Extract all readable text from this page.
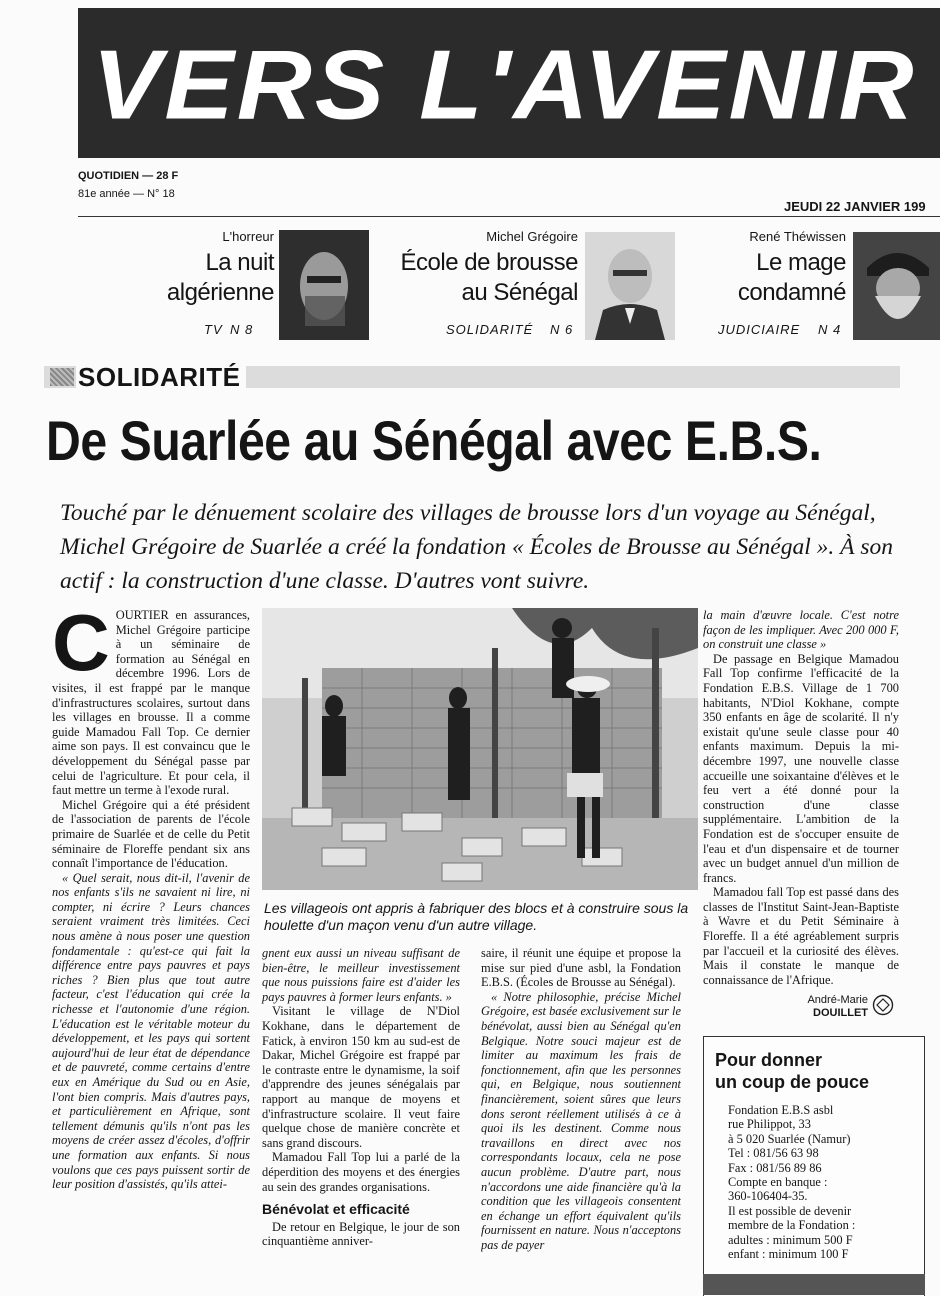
VERS L'AVENIR
QUOTIDIEN — 28 F
81e année — N° 18
JEUDI 22 JANVIER 199
L'horreur
La nuit
algérienne
TV N 8
Michel Grégoire
École de brousse
au Sénégal
SOLIDARITÉ N 6
René Théwissen
Le mage
condamné
JUDICIAIRE N 4
SOLIDARITÉ
De Suarlée au Sénégal avec E.B.S.
Touché par le dénuement scolaire des villages de brousse lors d'un voyage au Sénégal, Michel Grégoire de Suarlée a créé la fondation « Écoles de Brousse au Sénégal ». À son actif : la construction d'une classe. D'autres vont suivre.
C OURTIER en assurances, Michel Grégoire participe à un séminaire de formation au Sénégal en décembre 1996. Lors de visites, il est frappé par le manque d'infrastructures scolaires, surtout dans les villages en brousse. Il a comme guide Mamadou Fall Top. Ce dernier aime son pays. Il est convaincu que le développement du Sénégal passe par celui de l'agriculture. Et pour cela, il faut mettre un terme à l'exode rural.

Michel Grégoire qui a été président de l'association de parents de l'école primaire de Suarlée et de celle du Petit séminaire de Floreffe pendant six ans connaît l'importance de l'éducation.

« Quel serait, nous dit-il, l'avenir de nos enfants s'ils ne savaient ni lire, ni compter, ni écrire ? Leurs chances seraient vraiment très limitées. Ceci nous amène à nous poser une question fondamentale : qu'est-ce qui fait la différence entre pays pauvres et pays riches ? Bien plus que tout autre facteur, c'est l'éducation qui crée la richesse et l'autonomie d'une région. L'éducation est le véritable moteur du développement, et les pays qui sortent aujourd'hui de leur état de dépendance et de pauvreté, comme certains d'entre eux en Amérique du Sud ou en Asie, l'ont bien compris. Mais d'autres pays, et particulièrement en Afrique, sont tellement démunis qu'ils n'ont pas les moyens de créer assez d'écoles, d'offrir une formation aux enfants. Si nous voulons que ces pays puissent sortir de leur position d'assistés, qu'ils attei-

Les villageois ont appris à fabriquer des blocs et à construire sous la houlette d'un maçon venu d'un autre village.

gnent eux aussi un niveau suffisant de bien-être, le meilleur investissement que nous puissions faire est d'aider les pays pauvres à former leurs enfants. »

Visitant le village de N'Diol Kokhane, dans le département de Fatick, à environ 150 km au sud-est de Dakar, Michel Grégoire est frappé par le contraste entre le dynamisme, la soif d'apprendre des jeunes sénégalais par rapport au manque de moyens et d'infrastructure scolaire. Il veut faire quelque chose de manière concrète et sans grand discours.

Mamadou Fall Top lui a parlé de la déperdition des moyens et des énergies au sein des grandes organisations.

Bénévolat et efficacité

De retour en Belgique, le jour de son cinquantième anniver-

saire, il réunit une équipe et propose la mise sur pied d'une asbl, la Fondation E.B.S. (Écoles de Brousse au Sénégal).

« Notre philosophie, précise Michel Grégoire, est basée exclusivement sur le bénévolat, aussi bien au Sénégal qu'en Belgique. Notre souci majeur est de limiter au maximum les frais de fonctionnement, afin que les personnes qui, en Belgique, nous soutiennent financièrement, soient sûres que leurs dons seront réellement utilisés à ce à quoi ils les destinent. Comme nous travaillons en direct avec nos correspondants locaux, cela ne pose aucun problème. D'autre part, nous n'accordons une aide financière qu'à la condition que les villageois consentent en échange un effort équivalent qu'ils fournissent en nature. Nous n'acceptons pas de payer

la main d'œuvre locale. C'est notre façon de les impliquer. Avec 200 000 F, on construit une classe »

De passage en Belgique Mamadou Fall Top confirme l'efficacité de la Fondation E.B.S. Village de 1 700 habitants, N'Diol Kokhane, compte 350 enfants en âge de scolarité. Il n'y existait qu'une seule classe pour 40 enfants maximum. Depuis la mi-décembre 1997, une nouvelle classe accueille une soixantaine d'élèves et le feu vert a été donné pour la construction d'une classe supplémentaire. L'ambition de la Fondation est de s'occuper ensuite de l'eau et d'un dispensaire et de tourner avec un budget annuel d'un million de francs.

Mamadou fall Top est passé dans des classes de l'Institut Saint-Jean-Baptiste à Wavre et du Petit Séminaire à Floreffe. Il a été agréablement surpris par l'accueil et la curiosité des élèves. Mais il constate le manque de connaissance de l'Afrique.

André-Marie
DOUILLET
Pour donner
un coup de pouce
Fondation E.B.S asbl
rue Philippot, 33
à 5 020 Suarlée (Namur)
Tel : 081/56 63 98
Fax : 081/56 89 86
Compte en banque :
360-106404-35.
Il est possible de devenir
membre de la Fondation :
adultes : minimum 500 F
enfant : minimum 100 F
